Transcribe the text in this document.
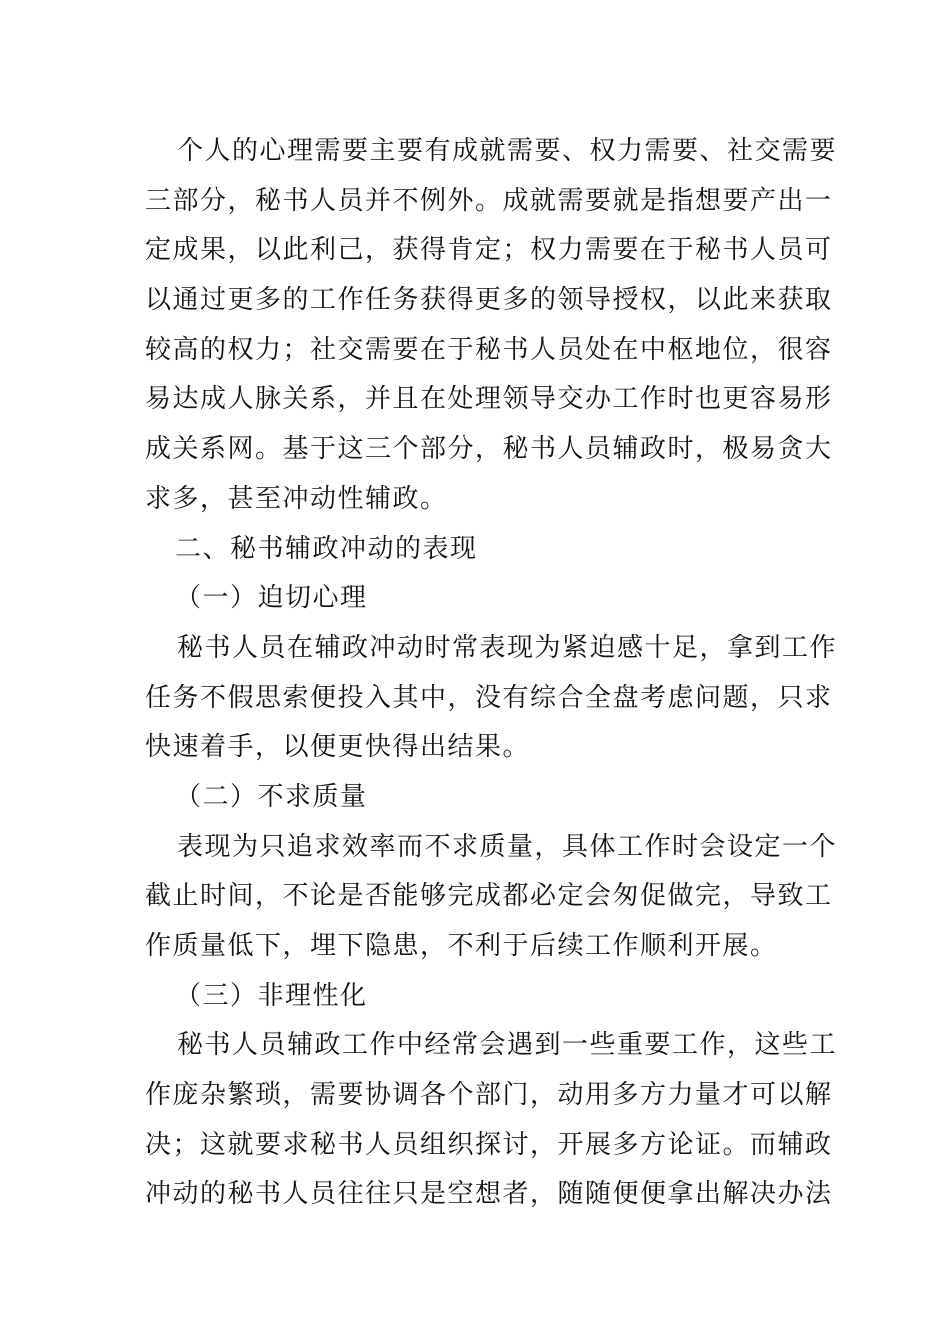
个人的心理需要主要有成就需要、权力需要、社交需要
三部分，秘书人员并不例外。成就需要就是指想要产出一
定成果，以此利己，获得肯定；权力需要在于秘书人员可
以通过更多的工作任务获得更多的领导授权，以此来获取
较高的权力；社交需要在于秘书人员处在中枢地位，很容
易达成人脉关系，并且在处理领导交办工作时也更容易形
成关系网。基于这三个部分，秘书人员辅政时，极易贪大
求多，甚至冲动性辅政。
二、秘书辅政冲动的表现
（一）迫切心理
秘书人员在辅政冲动时常表现为紧迫感十足，拿到工作
任务不假思索便投入其中，没有综合全盘考虑问题，只求
快速着手，以便更快得出结果。
（二）不求质量
表现为只追求效率而不求质量，具体工作时会设定一个
截止时间，不论是否能够完成都必定会匆促做完，导致工
作质量低下，埋下隐患，不利于后续工作顺利开展。
（三）非理性化
秘书人员辅政工作中经常会遇到一些重要工作，这些工
作庞杂繁琐，需要协调各个部门，动用多方力量才可以解
决；这就要求秘书人员组织探讨，开展多方论证。而辅政
冲动的秘书人员往往只是空想者，随随便便拿出解决办法
